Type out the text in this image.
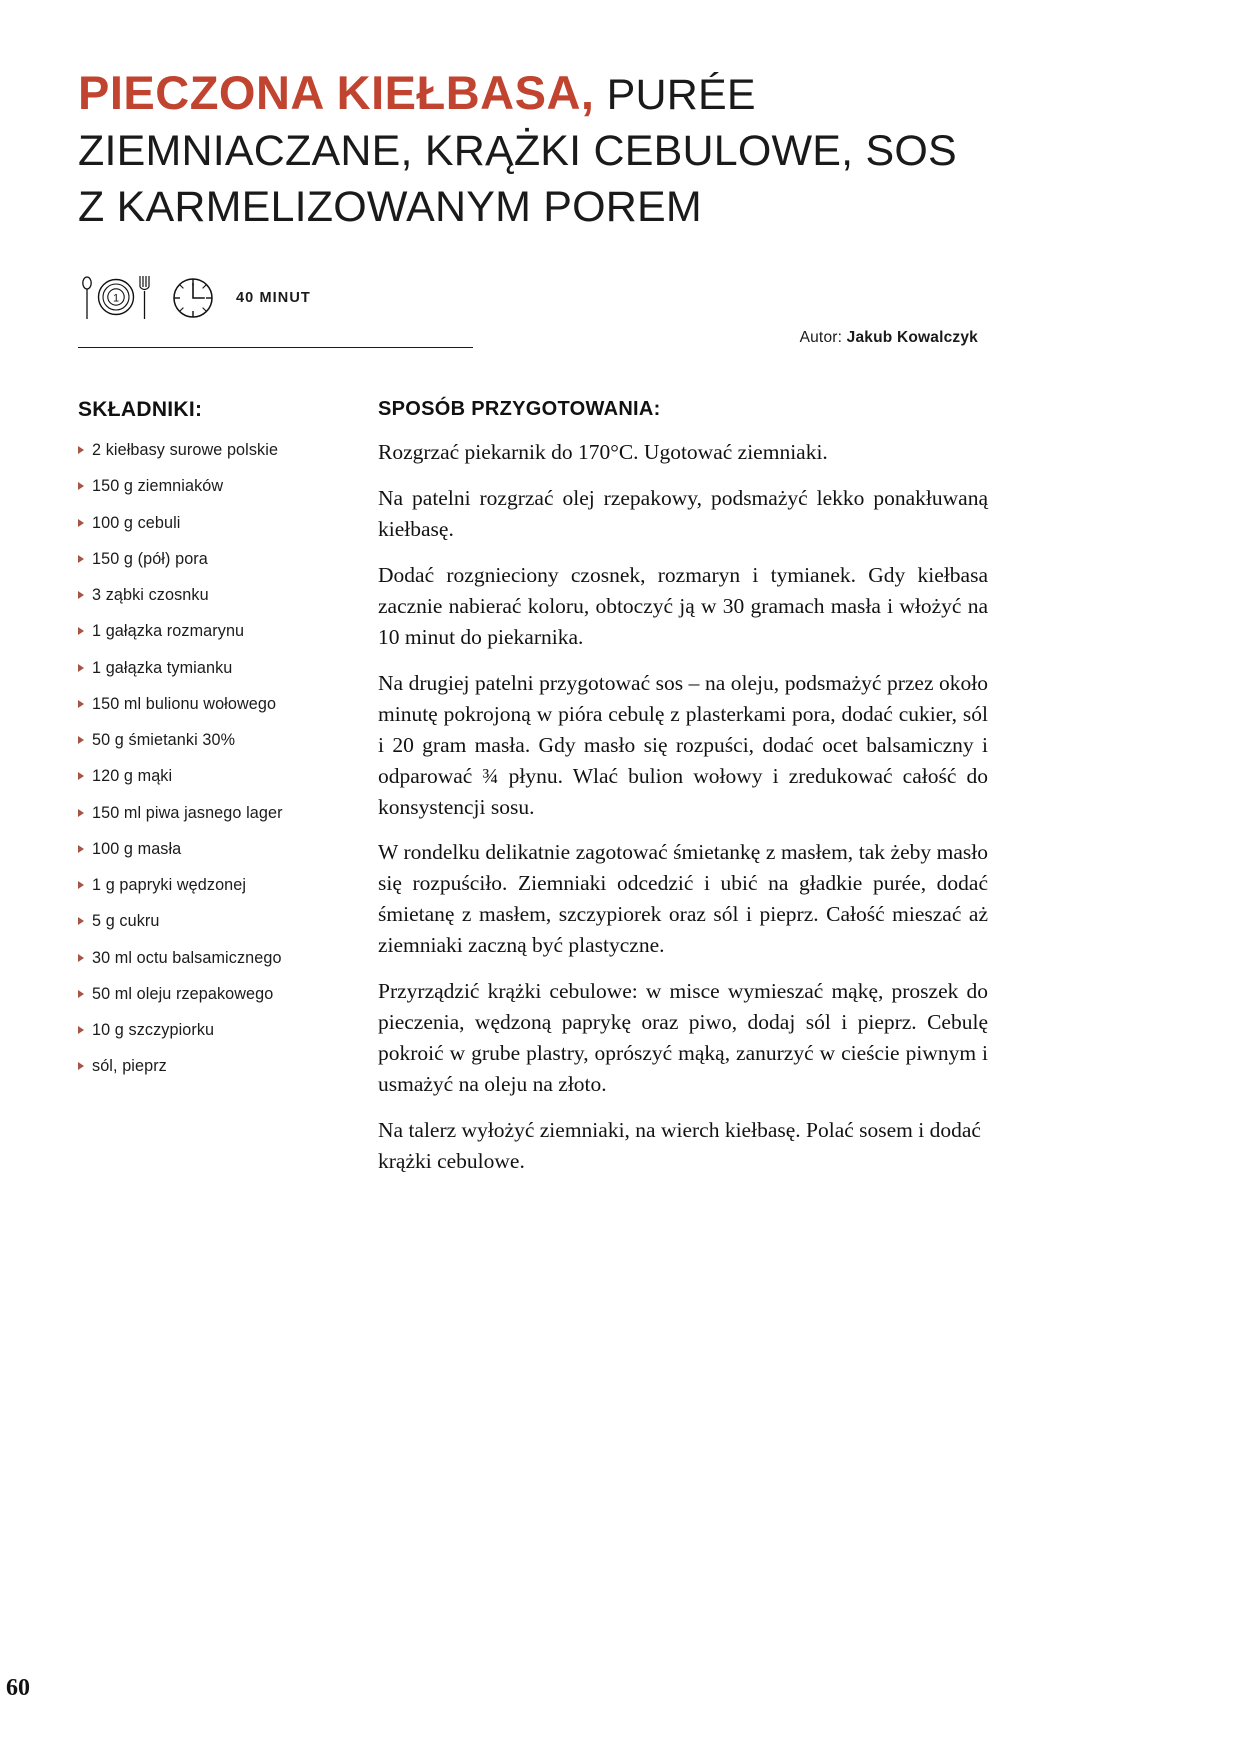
PIECZONA KIEŁBASA, PURÉE ZIEMNIACZANE, KRĄŻKI CEBULOWE, SOS Z KARMELIZOWANYM POREM
1	40 MINUT
Autor: Jakub Kowalczyk
SKŁADNIKI:
2 kiełbasy surowe polskie
150 g ziemniaków
100 g cebuli
150 g (pół) pora
3 ząbki czosnku
1 gałązka rozmarynu
1 gałązka tymianku
150 ml bulionu wołowego
50 g śmietanki 30%
120 g mąki
150 ml piwa jasnego lager
100 g masła
1 g papryki wędzonej
5 g cukru
30 ml octu balsamicznego
50 ml oleju rzepakowego
10 g szczypiorku
sól, pieprz
SPOSÓB PRZYGOTOWANIA:

Rozgrzać piekarnik do 170°C. Ugotować ziemniaki.

Na patelni rozgrzać olej rzepakowy, podsmażyć lekko ponakłuwaną kiełbasę.

Dodać rozgnieciony czosnek, rozmaryn i tymianek. Gdy kiełbasa zacznie nabierać koloru, obtoczyć ją w 30 gramach masła i włożyć na 10 minut do piekarnika.

Na drugiej patelni przygotować sos – na oleju, podsmażyć przez około minutę pokrojoną w pióra cebulę z plasterkami pora, dodać cukier, sól i 20 gram masła. Gdy masło się rozpuści, dodać ocet balsamiczny i odparować ¾ płynu. Wlać bulion wołowy i zredukować całość do konsystencji sosu.

W rondelku delikatnie zagotować śmietankę z masłem, tak żeby masło się rozpuściło. Ziemniaki odcedzić i ubić na gładkie purée, dodać śmietanę z masłem, szczypiorek oraz sól i pieprz. Całość mieszać aż ziemniaki zaczną być plastyczne.

Przyrządzić krążki cebulowe: w misce wymieszać mąkę, proszek do pieczenia, wędzoną paprykę oraz piwo, dodaj sól i pieprz. Cebulę pokroić w grube plastry, oprószyć mąką, zanurzyć w cieście piwnym i usmażyć na oleju na złoto.

Na talerz wyłożyć ziemniaki, na wierch kiełbasę. Polać sosem i dodać krążki cebulowe.

60
